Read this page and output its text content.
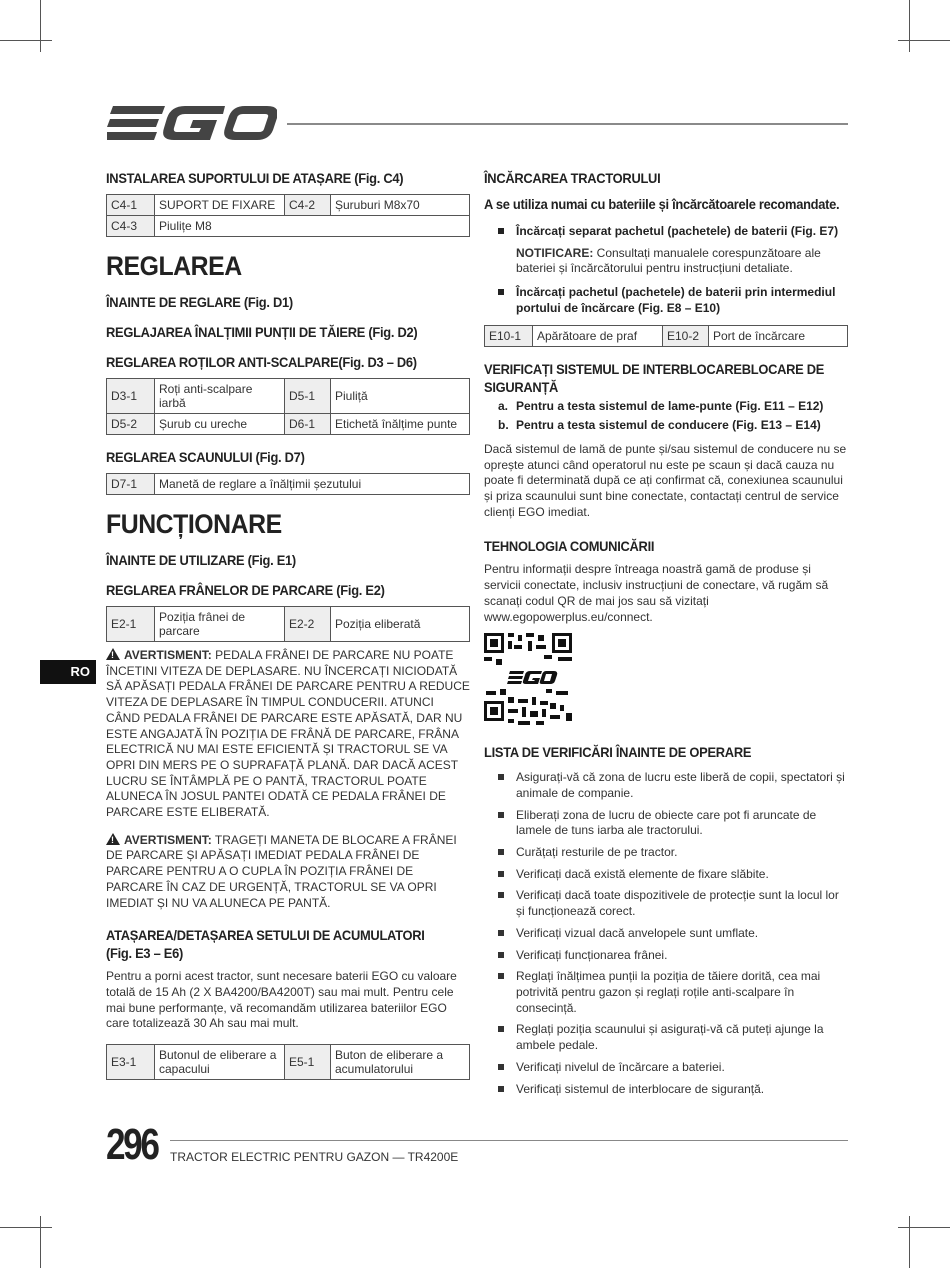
INSTALAREA SUPORTULUI DE ATAȘARE (Fig. C4)
C4-1	SUPORT DE FIXARE	C4-2	Șuruburi M8x70
C4-3	Piulițe M8		
REGLAREA
ÎNAINTE DE REGLARE (Fig. D1)
REGLAJAREA ÎNALȚIMII PUNȚII DE TĂIERE (Fig. D2)
REGLAREA ROȚILOR ANTI-SCALPARE(Fig. D3 – D6)
D3-1	Roți anti-scalpare iarbă	D5-1	Piuliță
D5-2	Șurub cu ureche	D6-1	Etichetă înălțime punte
REGLAREA SCAUNULUI (Fig. D7)
D7-1	Manetă de reglare a înălțimii șezutului
FUNCȚIONARE
ÎNAINTE DE UTILIZARE (Fig. E1)
REGLAREA FRÂNELOR DE PARCARE (Fig. E2)
E2-1	Poziția frânei de parcare	E2-2	Poziția eliberată

! AVERTISMENT: PEDALA FRÂNEI DE PARCARE NU POATE ÎNCETINI VITEZA DE DEPLASARE. NU ÎNCERCAȚI NICIODATĂ SĂ APĂSAȚI PEDALA FRÂNEI DE PARCARE PENTRU A REDUCE VITEZA DE DEPLASARE ÎN TIMPUL CONDUCERII. ATUNCI CÂND PEDALA FRÂNEI DE PARCARE ESTE APĂSATĂ, DAR NU ESTE ANGAJATĂ ÎN POZIȚIA DE FRÂNĂ DE PARCARE, FRÂNA ELECTRICĂ NU MAI ESTE EFICIENTĂ ȘI TRACTORUL SE VA OPRI DIN MERS PE O SUPRAFAȚĂ PLANĂ. DAR DACĂ ACEST LUCRU SE ÎNTÂMPLĂ PE O PANTĂ, TRACTORUL POATE ALUNECA ÎN JOSUL PANTEI ODATĂ CE PEDALA FRÂNEI DE PARCARE ESTE ELIBERATĂ.

! AVERTISMENT: TRAGEȚI MANETA DE BLOCARE A FRÂNEI DE PARCARE ȘI APĂSAȚI IMEDIAT PEDALA FRÂNEI DE PARCARE PENTRU A O CUPLA ÎN POZIȚIA FRÂNEI DE PARCARE ÎN CAZ DE URGENȚĂ, TRACTORUL SE VA OPRI IMEDIAT ȘI NU VA ALUNECA PE PANTĂ.

ATAȘAREA/DETAȘAREA SETULUI DE ACUMULATORI
(Fig. E3 – E6)

Pentru a porni acest tractor, sunt necesare baterii EGO cu valoare totală de 15 Ah (2 X BA4200/BA4200T) sau mai mult. Pentru cele mai bune performanțe, vă recomandăm utilizarea bateriilor EGO care totalizează 30 Ah sau mai mult.

E3-1	Butonul de eliberare a capacului	E5-1	Buton de eliberare a acumulatorului
RO
ÎNCĂRCAREA TRACTORULUI
A se utiliza numai cu bateriile și încărcătoarele recomandate.
Încărcați separat pachetul (pachetele) de baterii (Fig. E7)

NOTIFICARE: Consultați manualele corespunzătoare ale bateriei și încărcătorului pentru instrucțiuni detaliate.

Încărcați pachetul (pachetele) de baterii prin intermediul portului de încărcare (Fig. E8 – E10)
E10-1	Apărătoare de praf	E10-2	Port de încărcare
VERIFICAȚI SISTEMUL DE INTERBLOCAREBLOCARE DE
SIGURANȚĂ
a. Pentru a testa sistemul de lame-punte (Fig. E11 – E12)
b. Pentru a testa sistemul de conducere (Fig. E13 – E14)

Dacă sistemul de lamă de punte și/sau sistemul de conducere nu se oprește atunci când operatorul nu este pe scaun și dacă cauza nu poate fi determinată după ce ați confirmat că, conexiunea scaunului și priza scaunului sunt bine conectate, contactați centrul de service clienți EGO imediat.

TEHNOLOGIA COMUNICĂRII

Pentru informații despre întreaga noastră gamă de produse și servicii conectate, inclusiv instrucțiuni de conectare, vă rugăm să scanați codul QR de mai jos sau să vizitați www.egopowerplus.eu/connect.

LISTA DE VERIFICĂRI ÎNAINTE DE OPERARE
Asigurați-vă că zona de lucru este liberă de copii, spectatori și animale de companie.
Eliberați zona de lucru de obiecte care pot fi aruncate de lamele de tuns iarba ale tractorului.
Curățați resturile de pe tractor.
Verificați dacă există elemente de fixare slăbite.
Verificați dacă toate dispozitivele de protecție sunt la locul lor și funcționează corect.
Verificați vizual dacă anvelopele sunt umflate.
Verificați funcționarea frânei.
Reglați înălțimea punții la poziția de tăiere dorită, cea mai potrivită pentru gazon și reglați roțile anti-scalpare în consecință.
Reglați poziția scaunului și asigurați-vă că puteți ajunge la ambele pedale.
Verificați nivelul de încărcare a bateriei.
Verificați sistemul de interblocare de siguranță.
296 TRACTOR ELECTRIC PENTRU GAZON — TR4200E
